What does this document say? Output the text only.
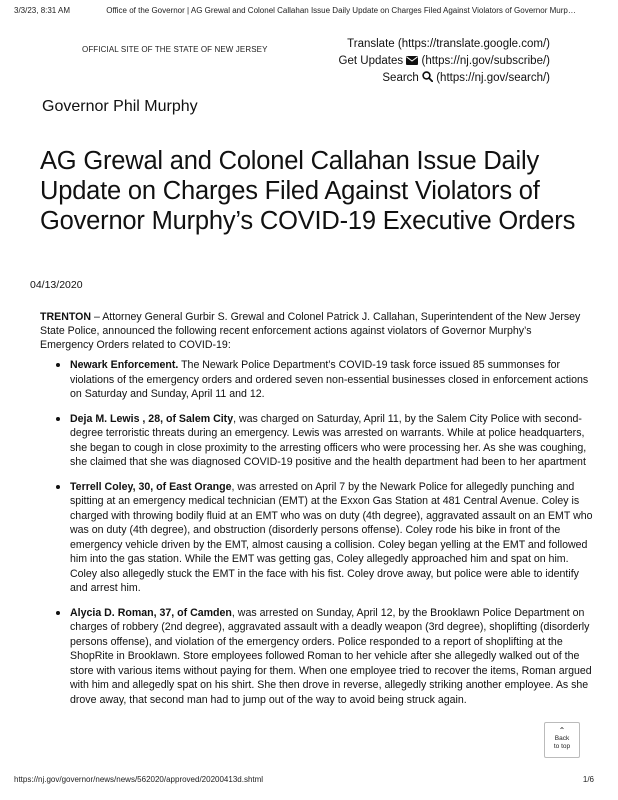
3/3/23, 8:31 AM	Office of the Governor | AG Grewal and Colonel Callahan Issue Daily Update on Charges Filed Against Violators of Governor Murp…
OFFICIAL SITE OF THE STATE OF NEW JERSEY	Translate (https://translate.google.com/)
Get Updates (https://nj.gov/subscribe/)
Search (https://nj.gov/search/)
Governor Phil Murphy
AG Grewal and Colonel Callahan Issue Daily Update on Charges Filed Against Violators of Governor Murphy’s COVID-19 Executive Orders
04/13/2020

TRENTON – Attorney General Gurbir S. Grewal and Colonel Patrick J. Callahan, Superintendent of the New Jersey State Police, announced the following recent enforcement actions against violators of Governor Murphy’s Emergency Orders related to COVID-19:

Newark Enforcement. The Newark Police Department’s COVID-19 task force issued 85 summonses for violations of the emergency orders and ordered seven non-essential businesses closed in enforcement actions on Saturday and Sunday, April 11 and 12.
Deja M. Lewis , 28, of Salem City, was charged on Saturday, April 11, by the Salem City Police with second-degree terroristic threats during an emergency. Lewis was arrested on warrants. While at police headquarters, she began to cough in close proximity to the arresting officers who were processing her. As she was coughing, she claimed that she was diagnosed COVID-19 positive and the health department had been to her apartment
Terrell Coley, 30, of East Orange, was arrested on April 7 by the Newark Police for allegedly punching and spitting at an emergency medical technician (EMT) at the Exxon Gas Station at 481 Central Avenue. Coley is charged with throwing bodily fluid at an EMT who was on duty (4th degree), aggravated assault on an EMT who was on duty (4th degree), and obstruction (disorderly persons offense). Coley rode his bike in front of the emergency vehicle driven by the EMT, almost causing a collision. Coley began yelling at the EMT and followed him into the gas station. While the EMT was getting gas, Coley allegedly approached him and spat on him. Coley also allegedly stuck the EMT in the face with his fist. Coley drove away, but police were able to identify and arrest him.
Alycia D. Roman, 37, of Camden, was arrested on Sunday, April 12, by the Brooklawn Police Department on charges of robbery (2nd degree), aggravated assault with a deadly weapon (3rd degree), shoplifting (disorderly persons offense), and violation of the emergency orders. Police responded to a report of shoplifting at the ShopRite in Brooklawn. Store employees followed Roman to her vehicle after she allegedly walked out of the store with various items without paying for them. When one employee tried to recover the items, Roman argued with him and allegedly spat on his shirt. She then drove in reverse, allegedly striking another employee. As she drove away, that second man had to jump out of the way to avoid being struck again.
⌃
Back
to top
https://nj.gov/governor/news/news/562020/approved/20200413d.shtml	1/6
